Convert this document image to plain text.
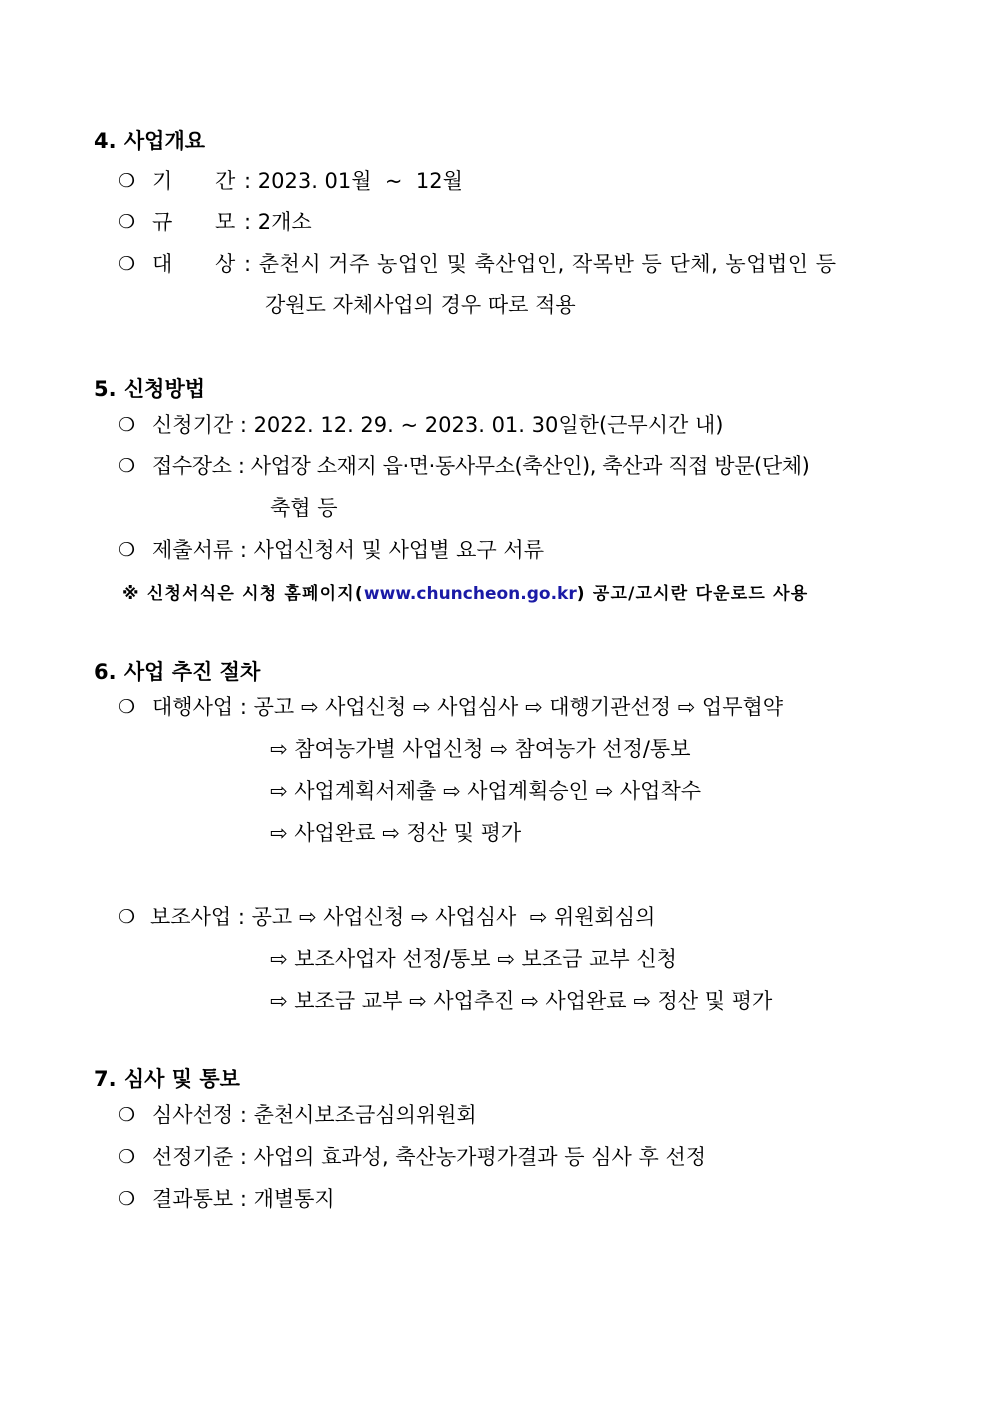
4. 사업개요
❍ 기 간 : 2023. 01월  ~  12월
❍ 규 모 : 2개소
❍ 대 상 : 춘천시 거주 농업인 및 축산업인, 작목반 등 단체, 농업법인 등
강원도 자체사업의 경우 따로 적용
5. 신청방법
❍ 신청기간 : 2022. 12. 29. ~ 2023. 01. 30일한(근무시간 내)
❍ 접수장소 : 사업장 소재지 읍·면·동사무소(축산인), 축산과 직접 방문(단체)
축협 등
❍ 제출서류 : 사업신청서 및 사업별 요구 서류
※ 신청서식은 시청 홈페이지(www.chuncheon.go.kr) 공고/고시란 다운로드 사용
6. 사업 추진 절차
❍ 대행사업 : 공고 ⇨ 사업신청 ⇨ 사업심사 ⇨ 대행기관선정 ⇨ 업무협약
⇨ 참여농가별 사업신청 ⇨ 참여농가 선정/통보
⇨ 사업계획서제출 ⇨ 사업계획승인 ⇨ 사업착수
⇨ 사업완료 ⇨ 정산 및 평가
❍ 보조사업 : 공고 ⇨ 사업신청 ⇨ 사업심사  ⇨ 위원회심의
⇨ 보조사업자 선정/통보 ⇨ 보조금 교부 신청
⇨ 보조금 교부 ⇨ 사업추진 ⇨ 사업완료 ⇨ 정산 및 평가
7. 심사 및 통보
❍ 심사선정 : 춘천시보조금심의위원회
❍ 선정기준 : 사업의 효과성, 축산농가평가결과 등 심사 후 선정
❍ 결과통보 : 개별통지
